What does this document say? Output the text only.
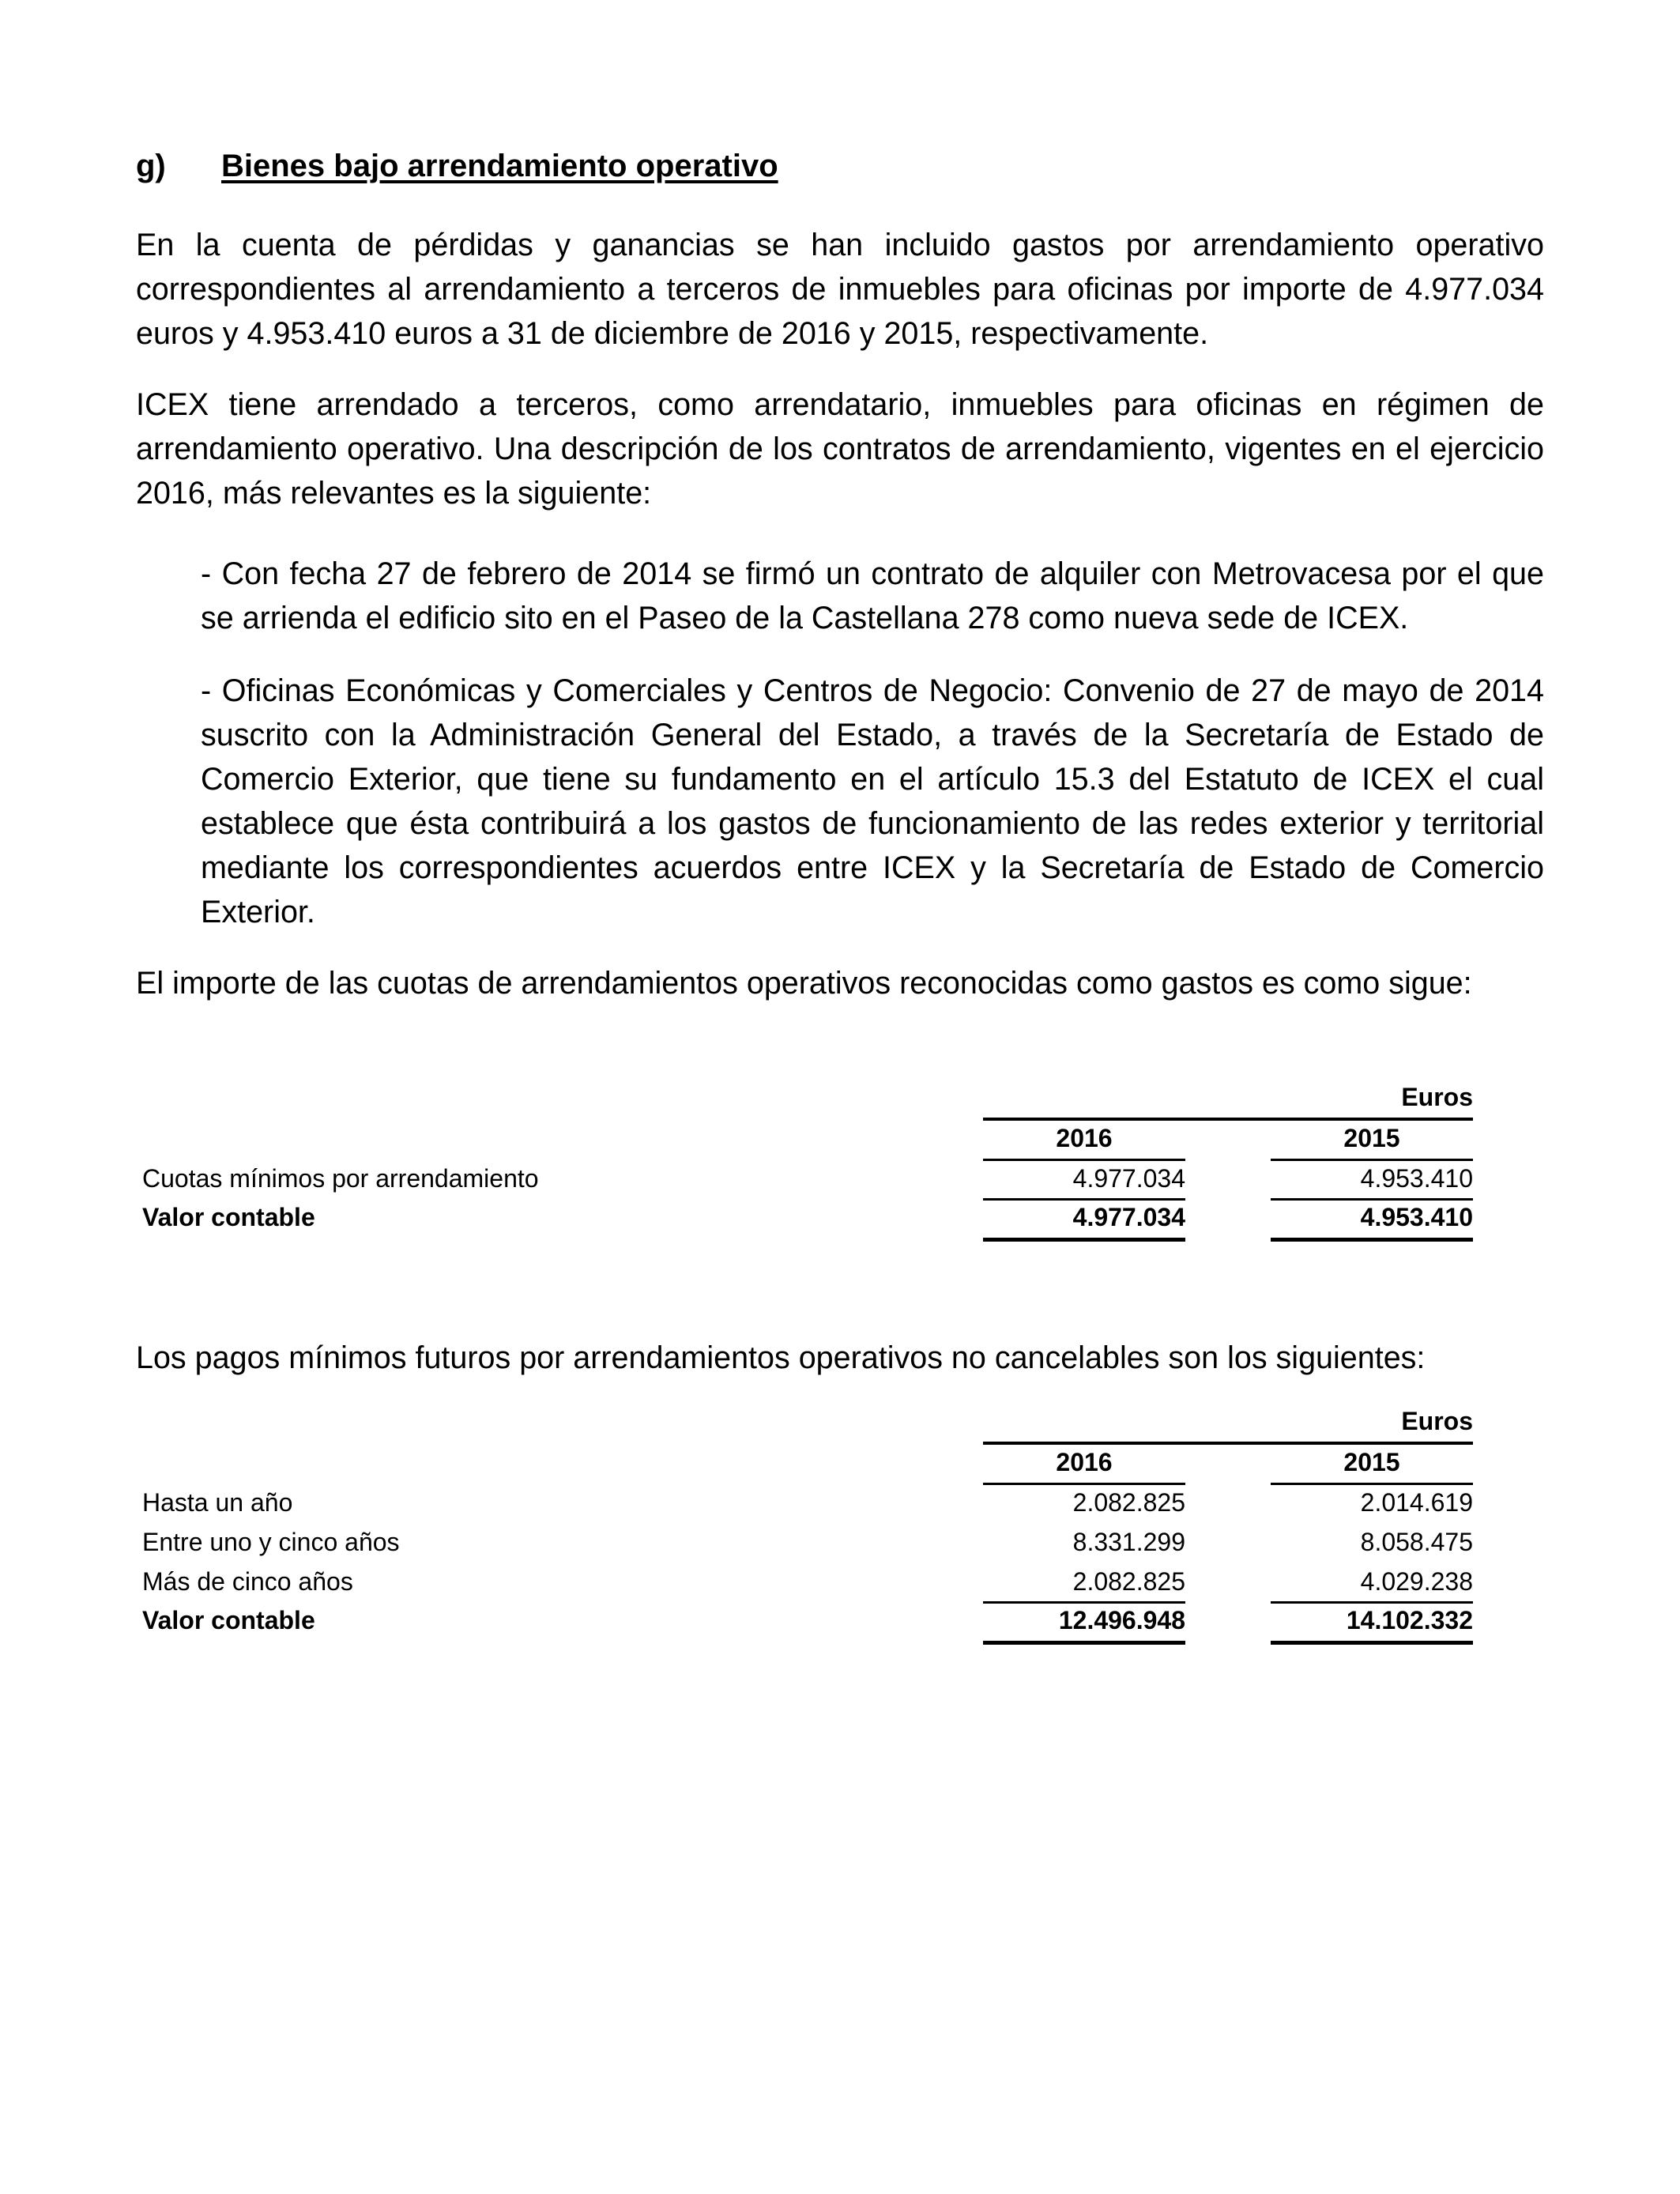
g) Bienes bajo arrendamiento operativo

En la cuenta de pérdidas y ganancias se han incluido gastos por arrendamiento operativo correspondientes al arrendamiento a terceros de inmuebles para oficinas por importe de 4.977.034 euros y 4.953.410 euros a 31 de diciembre de 2016 y 2015, respectivamente.

ICEX tiene arrendado a terceros, como arrendatario, inmuebles para oficinas en régimen de arrendamiento operativo. Una descripción de los contratos de arrendamiento, vigentes en el ejercicio 2016, más relevantes es la siguiente:

- Con fecha 27 de febrero de 2014 se firmó un contrato de alquiler con Metrovacesa por el que se arrienda el edificio sito en el Paseo de la Castellana 278 como nueva sede de ICEX.

- Oficinas Económicas y Comerciales y Centros de Negocio: Convenio de 27 de mayo de 2014 suscrito con la Administración General del Estado, a través de la Secretaría de Estado de Comercio Exterior, que tiene su fundamento en el artículo 15.3 del Estatuto de ICEX el cual establece que ésta contribuirá a los gastos de funcionamiento de las redes exterior y territorial mediante los correspondientes acuerdos entre ICEX y la Secretaría de Estado de Comercio Exterior.

El importe de las cuotas de arrendamientos operativos reconocidas como gastos es como sigue:

Euros
2016	2015
Cuotas mínimos por arrendamiento	4.977.034	4.953.410
Valor contable	4.977.034	4.953.410

Los pagos mínimos futuros por arrendamientos operativos no cancelables son los siguientes:

Euros
2016	2015
Hasta un año	2.082.825	2.014.619
Entre uno y cinco años	8.331.299	8.058.475
Más de cinco años	2.082.825	4.029.238
Valor contable	12.496.948	14.102.332
